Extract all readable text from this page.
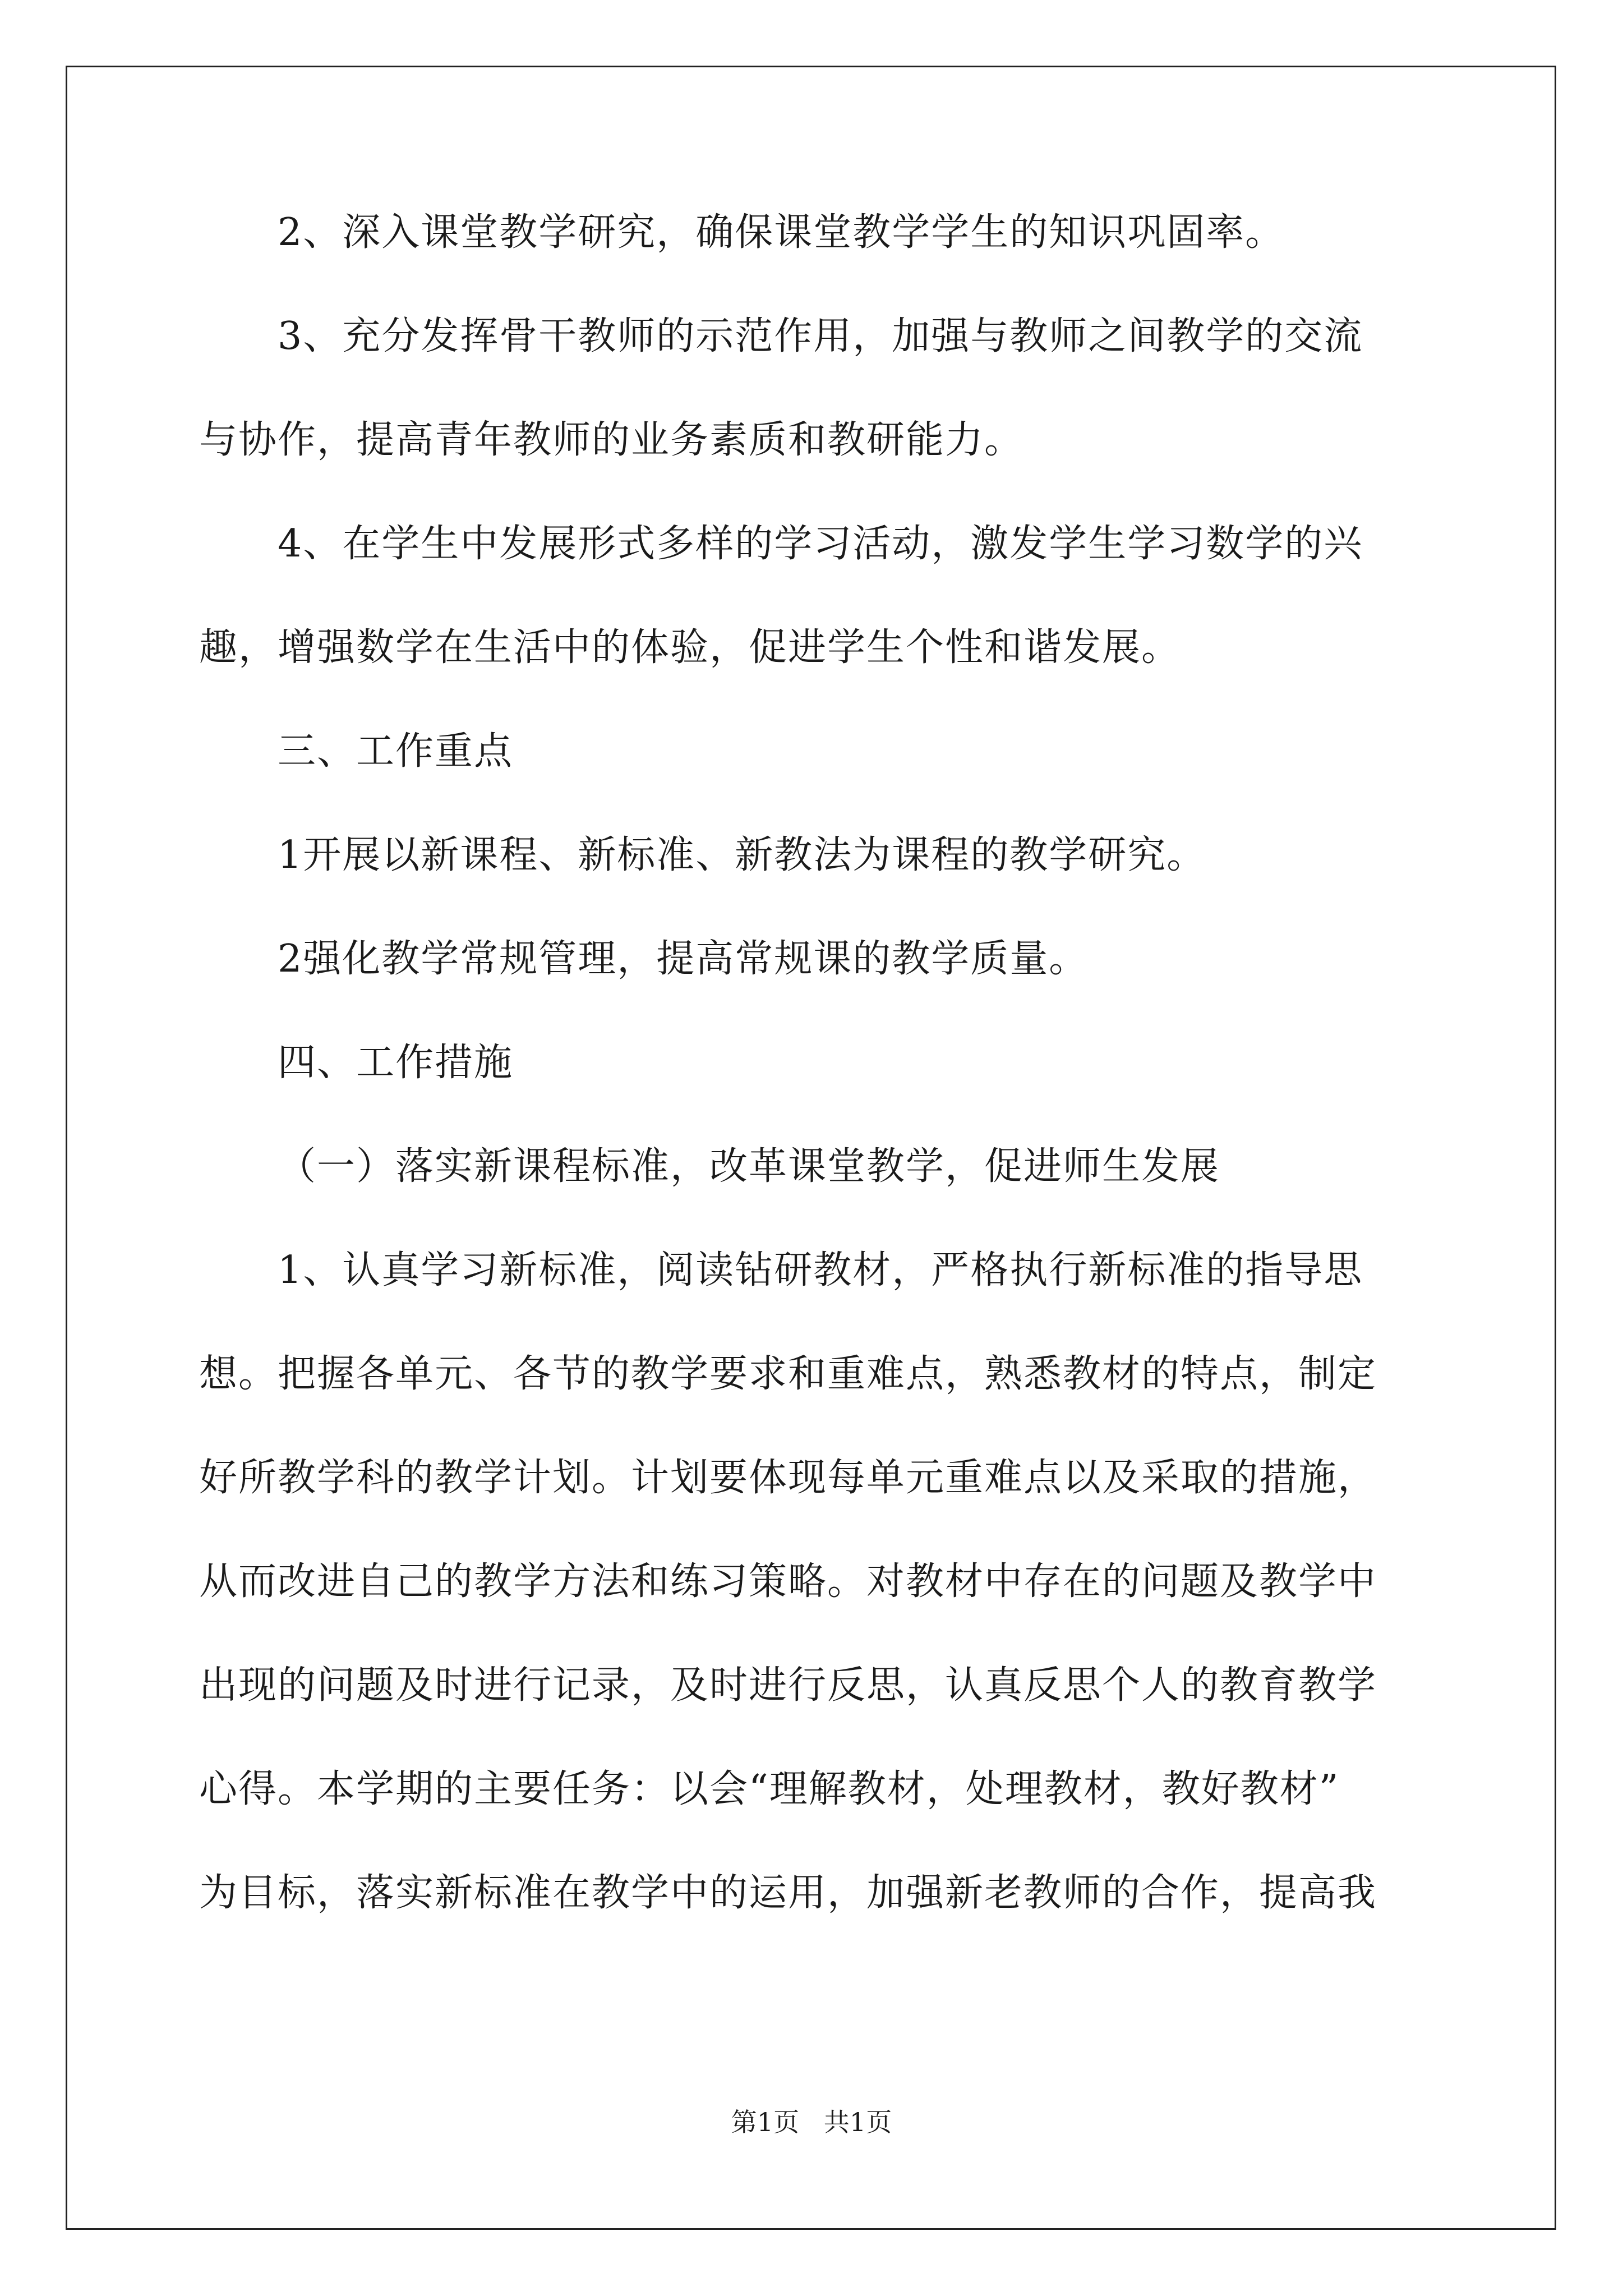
2、深入课堂教学研究，确保课堂教学学生的知识巩固率。
3、充分发挥骨干教师的示范作用，加强与教师之间教学的交流
与协作，提高青年教师的业务素质和教研能力。
4、在学生中发展形式多样的学习活动，激发学生学习数学的兴
趣，增强数学在生活中的体验，促进学生个性和谐发展。
三、工作重点
1开展以新课程、新标准、新教法为课程的教学研究。
2强化教学常规管理，提高常规课的教学质量。
四、工作措施
（一）落实新课程标准，改革课堂教学，促进师生发展
1、认真学习新标准，阅读钻研教材，严格执行新标准的指导思
想。把握各单元、各节的教学要求和重难点，熟悉教材的特点，制定
好所教学科的教学计划。计划要体现每单元重难点以及采取的措施，
从而改进自己的教学方法和练习策略。对教材中存在的问题及教学中
出现的问题及时进行记录，及时进行反思，认真反思个人的教育教学
心得。本学期的主要任务：以会“理解教材，处理教材，教好教材”
为目标，落实新标准在教学中的运用，加强新老教师的合作，提高我
第1页   共1页
